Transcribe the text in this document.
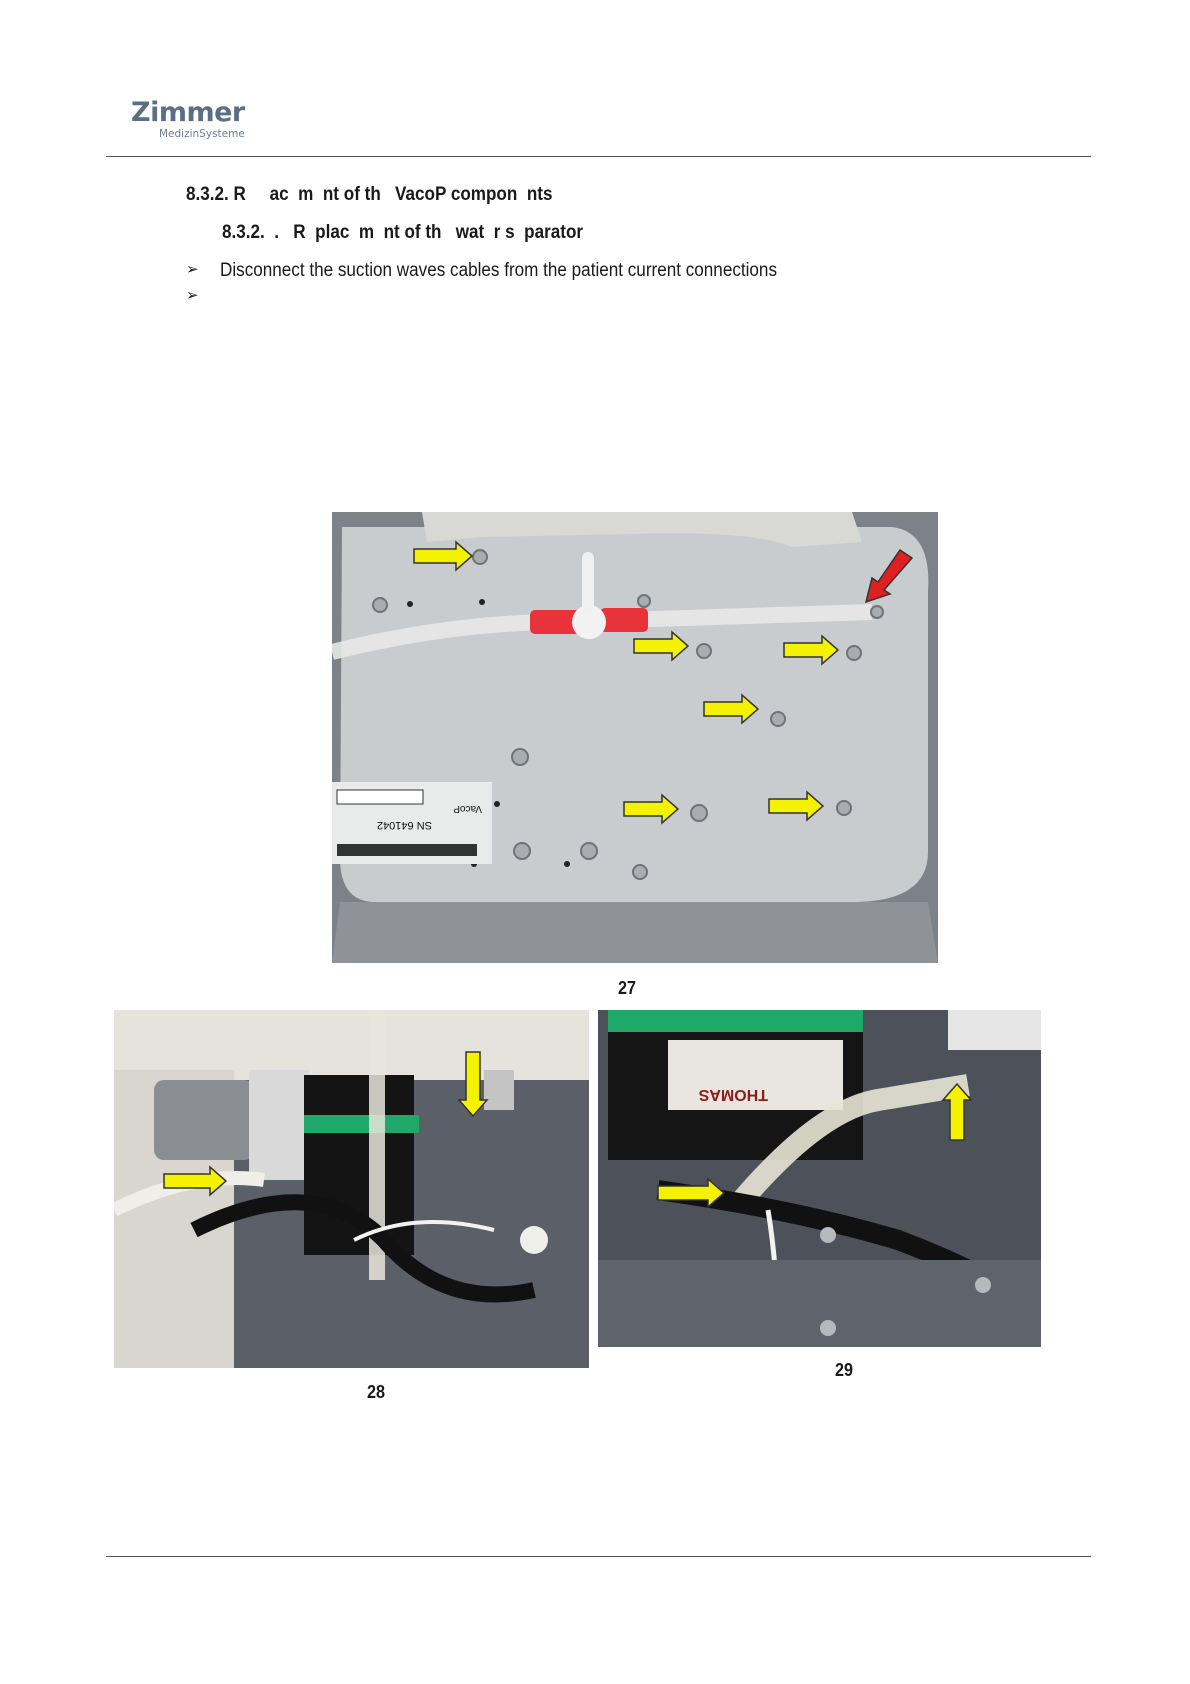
Zimmer
MedizinSysteme
8.3.2. R     ac  m  nt of th   VacoP compon  nts
8.3.2.  .   R  plac  m  nt of th   wat  r s  parator
➢	Disconnect the suction waves cables from the patient current connections
➢
SN 641042
VacoP
27
28
THOMAS
29
